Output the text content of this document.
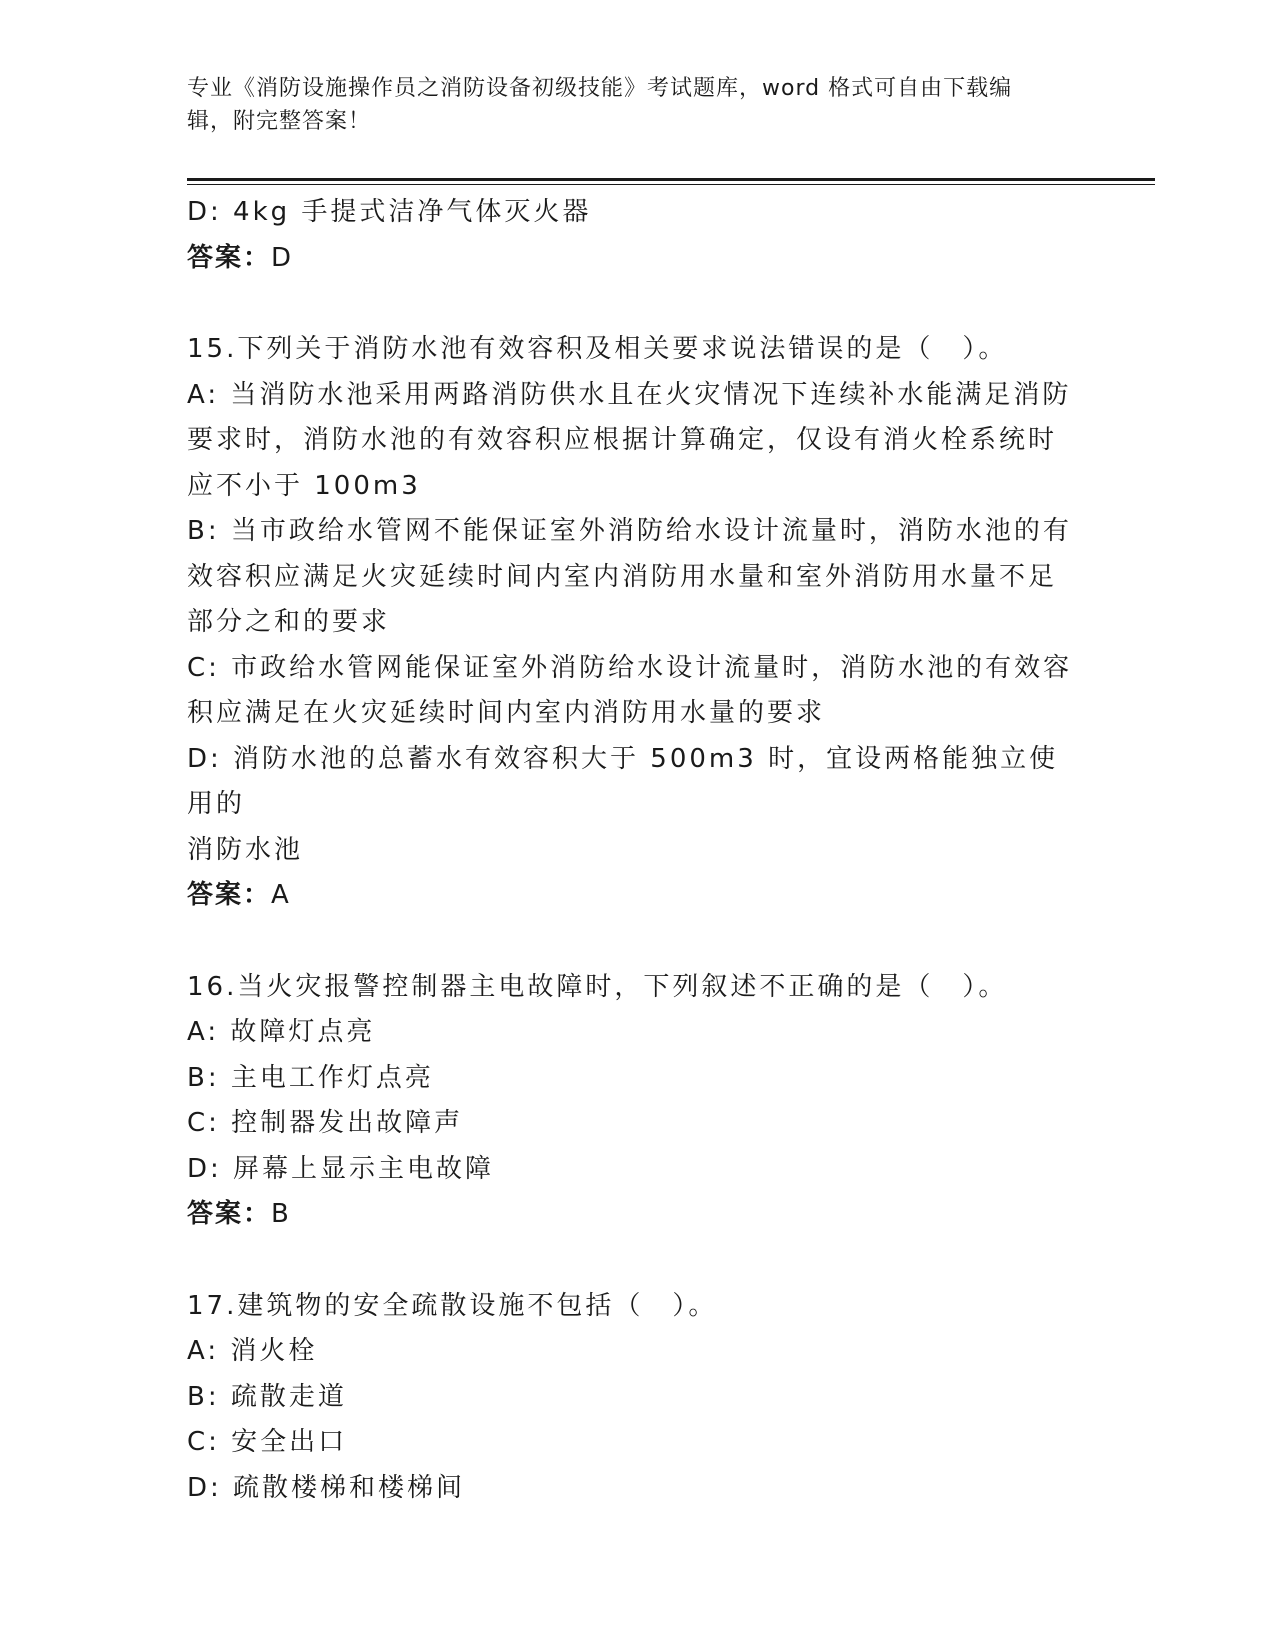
专业《消防设施操作员之消防设备初级技能》考试题库，word 格式可自由下载编
辑，附完整答案！
D: 4kg 手提式洁净气体灭火器
答案：D
15.下列关于消防水池有效容积及相关要求说法错误的是（　）。
A: 当消防水池采用两路消防供水且在火灾情况下连续补水能满足消防
要求时，消防水池的有效容积应根据计算确定，仅设有消火栓系统时
应不小于 100m3
B: 当市政给水管网不能保证室外消防给水设计流量时，消防水池的有
效容积应满足火灾延续时间内室内消防用水量和室外消防用水量不足
部分之和的要求
C: 市政给水管网能保证室外消防给水设计流量时，消防水池的有效容
积应满足在火灾延续时间内室内消防用水量的要求
D: 消防水池的总蓄水有效容积大于 500m3 时，宜设两格能独立使用的
消防水池
答案：A
16.当火灾报警控制器主电故障时，下列叙述不正确的是（　）。
A: 故障灯点亮
B: 主电工作灯点亮
C: 控制器发出故障声
D: 屏幕上显示主电故障
答案：B
17.建筑物的安全疏散设施不包括（　）。
A: 消火栓
B: 疏散走道
C: 安全出口
D: 疏散楼梯和楼梯间
